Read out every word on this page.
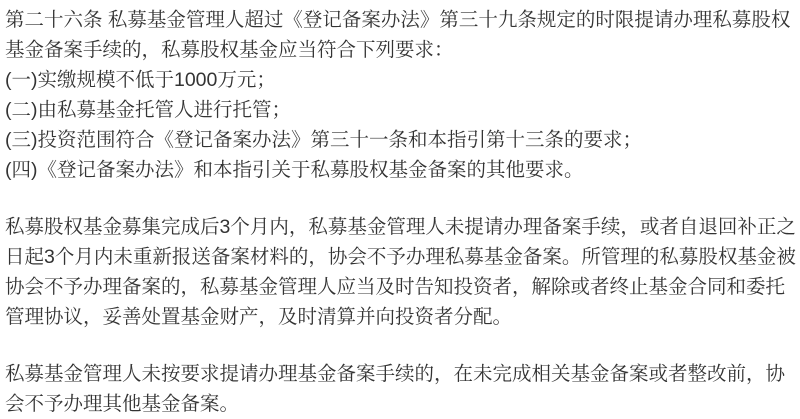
第二十六条 私募基金管理人超过《登记备案办法》第三十九条规定的时限提请办理私募股权
基金备案手续的，私募股权基金应当符合下列要求：
(一)实缴规模不低于1000万元；
(二)由私募基金托管人进行托管；
(三)投资范围符合《登记备案办法》第三十一条和本指引第十三条的要求；
(四)《登记备案办法》和本指引关于私募股权基金备案的其他要求。
私募股权基金募集完成后3个月内，私募基金管理人未提请办理备案手续，或者自退回补正之
日起3个月内未重新报送备案材料的，协会不予办理私募基金备案。所管理的私募股权基金被
协会不予办理备案的，私募基金管理人应当及时告知投资者，解除或者终止基金合同和委托
管理协议，妥善处置基金财产，及时清算并向投资者分配。
私募基金管理人未按要求提请办理基金备案手续的，在未完成相关基金备案或者整改前，协
会不予办理其他基金备案。
